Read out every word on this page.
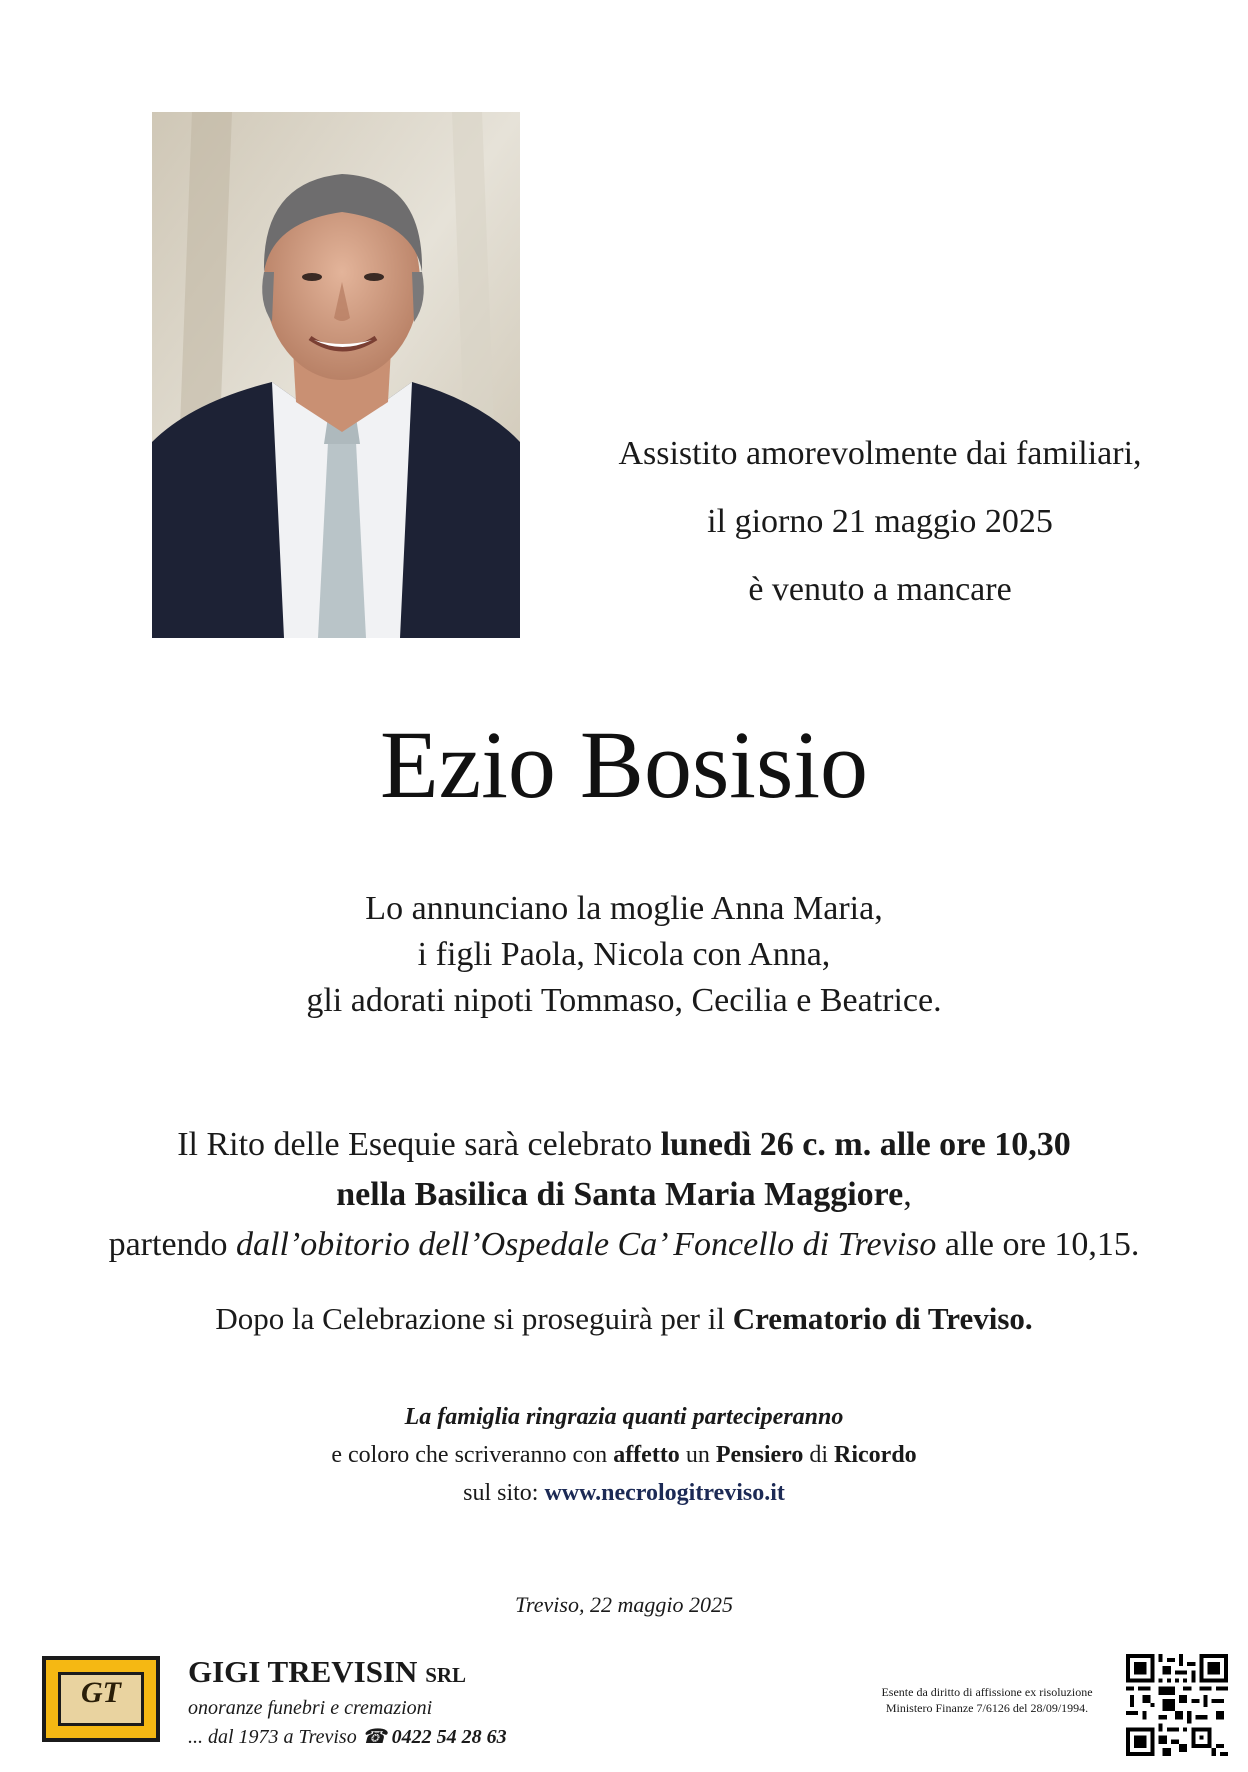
Assistito amorevolmente dai familiari,
il giorno 21 maggio 2025
è venuto a mancare
Ezio Bosisio
Lo annunciano la moglie Anna Maria,
i figli Paola, Nicola con Anna,
gli adorati nipoti Tommaso, Cecilia e Beatrice.
Il Rito delle Esequie sarà celebrato lunedì 26 c. m. alle ore 10,30
nella Basilica di Santa Maria Maggiore,
partendo dall’obitorio dell’Ospedale Ca’ Foncello di Treviso alle ore 10,15.
Dopo la Celebrazione si proseguirà per il Crematorio di Treviso.
La famiglia ringrazia quanti parteciperanno
e coloro che scriveranno con affetto un Pensiero di Ricordo
sul sito: www.necrologitreviso.it
Treviso, 22 maggio 2025
GT
GIGI TREVISIN SRL
onoranze funebri e cremazioni
... dal 1973 a Treviso ☎ 0422 54 28 63
Esente da diritto di affissione ex risoluzione
Ministero Finanze 7/6126 del 28/09/1994.
